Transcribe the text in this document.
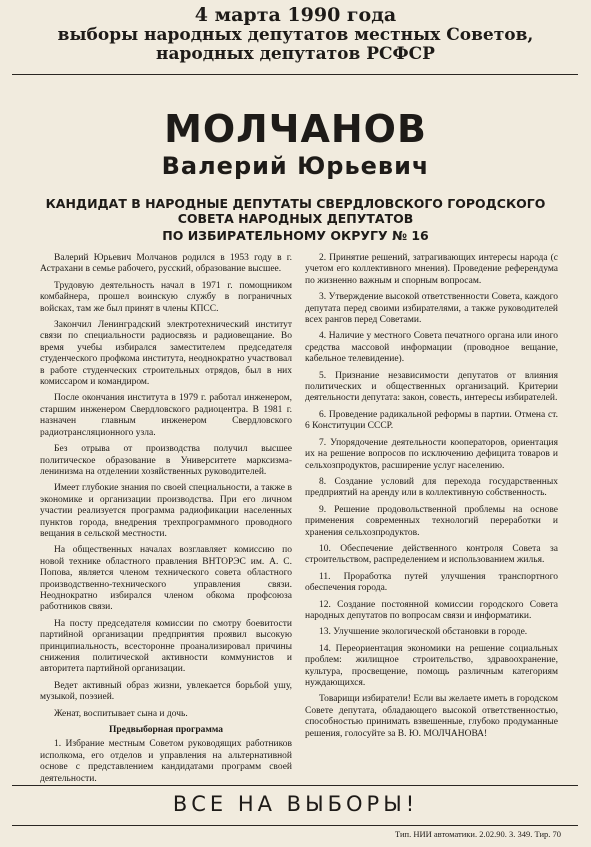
4 марта 1990 года
выборы народных депутатов местных Советов,
народных депутатов РСФСР
МОЛЧАНОВ
Валерий Юрьевич
КАНДИДАТ В НАРОДНЫЕ ДЕПУТАТЫ СВЕРДЛОВСКОГО ГОРОДСКОГО
СОВЕТА НАРОДНЫХ ДЕПУТАТОВ
ПО ИЗБИРАТЕЛЬНОМУ ОКРУГУ № 16

Валерий Юрьевич Молчанов родился в 1953 году в г. Астрахани в семье рабочего, русский, образование высшее.

Трудовую деятельность начал в 1971 г. помощником комбайнера, прошел воинскую службу в пограничных войсках, там же был принят в члены КПСС.

Закончил Ленинградский электротехнический институт связи по специальности радиосвязь и радиовещание. Во время учебы избирался заместителем председателя студенческого профкома института, неоднократно участвовал в работе студенческих строительных отрядов, был в них комиссаром и командиром.

После окончания института в 1979 г. работал инженером, старшим инженером Свердловского радиоцентра. В 1981 г. назначен главным инженером Свердловского радиотрансляционного узла.

Без отрыва от производства получил высшее политическое образование в Университете марксизма-ленинизма на отделении хозяйственных руководителей.

Имеет глубокие знания по своей специальности, а также в экономике и организации производства. При его личном участии реализуется программа радиофикации населенных пунктов города, внедрения трехпрограммного проводного вещания в сельской местности.

На общественных началах возглавляет комиссию по новой технике областного правления ВНТОРЭС им. А. С. Попова, является членом технического совета областного производственно-технического управления связи. Неоднократно избирался членом обкома профсоюза работников связи.

На посту председателя комиссии по смотру боевитости партийной организации предприятия проявил высокую принципиальность, всесторонне проанализировал причины снижения политической активности коммунистов и авторитета партийной организации.

Ведет активный образ жизни, увлекается борьбой ушу, музыкой, поэзией.

Женат, воспитывает сына и дочь.

Предвыборная программа

1. Избрание местным Советом руководящих работников исполкома, его отделов и управления на альтернативной основе с представлением кандидатами программ своей деятельности.

2. Принятие решений, затрагивающих интересы народа (с учетом его коллективного мнения). Проведение референдума по жизненно важным и спорным вопросам.

3. Утверждение высокой ответственности Совета, каждого депутата перед своими избирателями, а также руководителей всех рангов перед Советами.

4. Наличие у местного Совета печатного органа или иного средства массовой информации (проводное вещание, кабельное телевидение).

5. Признание независимости депутатов от влияния политических и общественных организаций. Критерии деятельности депутата: закон, совесть, интересы избирателей.

6. Проведение радикальной реформы в партии. Отмена ст. 6 Конституции СССР.

7. Упорядочение деятельности кооператоров, ориентация их на решение вопросов по исключению дефицита товаров и сельхозпродуктов, расширение услуг населению.

8. Создание условий для перехода государственных предприятий на аренду или в коллективную собственность.

9. Решение продовольственной проблемы на основе применения современных технологий переработки и хранения сельхозпродуктов.

10. Обеспечение действенного контроля Совета за строительством, распределением и использованием жилья.

11. Проработка путей улучшения транспортного обеспечения города.

12. Создание постоянной комиссии городского Совета народных депутатов по вопросам связи и информатики.

13. Улучшение экологической обстановки в городе.

14. Переориентация экономики на решение социальных проблем: жилищное строительство, здравоохранение, культура, просвещение, помощь различным категориям нуждающихся.

Товарищи избиратели! Если вы желаете иметь в городском Совете депутата, обладающего высокой ответственностью, способностью принимать взвешенные, глубоко продуманные решения, голосуйте за В. Ю. МОЛЧАНОВА!

ВСЕ НА ВЫБОРЫ!
Тип. НИИ автоматики. 2.02.90. З. 349. Тир. 70
